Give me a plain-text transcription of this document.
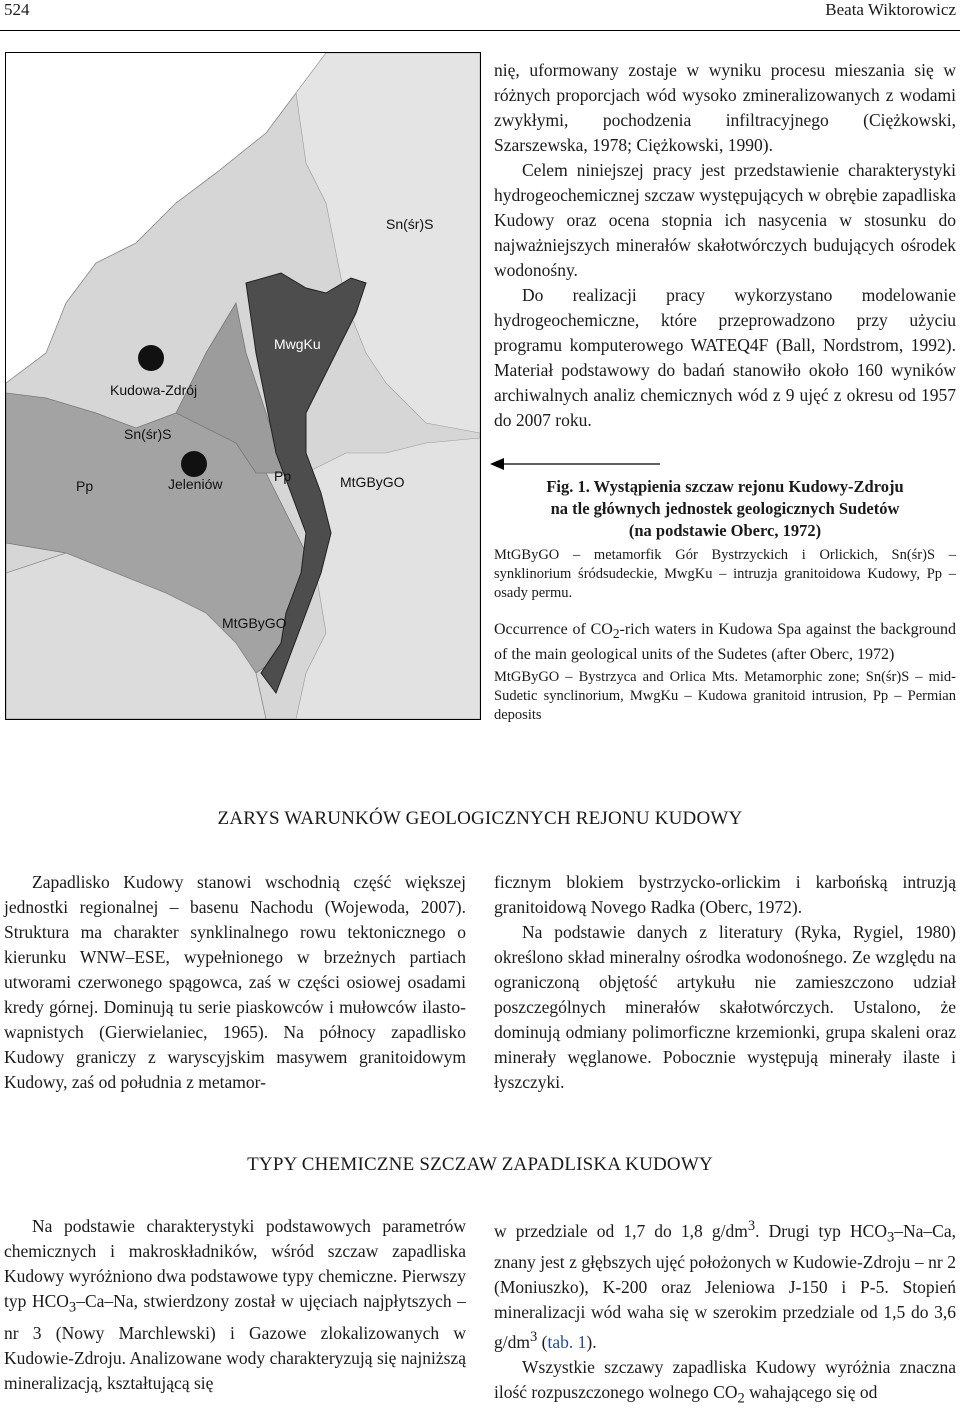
524	Beata Wiktorowicz
Sn(śr)S
MwgKu
Kudowa-Zdrój
Sn(śr)S
Pp	Jeleniów	Pp	MtGByGO
MtGByGO

nię, uformowany zostaje w wyniku procesu mieszania się w różnych proporcjach wód wysoko zmineralizowanych z wodami zwykłymi, pochodzenia infiltracyjnego (Ciężkowski, Szarszewska, 1978; Ciężkowski, 1990).

Celem niniejszej pracy jest przedstawienie charakterystyki hydrogeochemicznej szczaw występujących w obrębie zapadliska Kudowy oraz ocena stopnia ich nasycenia w stosunku do najważniejszych minerałów skałotwórczych budujących ośrodek wodonośny.

Do realizacji pracy wykorzystano modelowanie hydrogeochemiczne, które przeprowadzono przy użyciu programu komputerowego WATEQ4F (Ball, Nordstrom, 1992). Materiał podstawowy do badań stanowiło około 160 wyników archiwalnych analiz chemicznych wód z 9 ujęć z okresu od 1957 do 2007 roku.

Fig. 1. Wystąpienia szczaw rejonu Kudowy-Zdroju
na tle głównych jednostek geologicznych Sudetów
(na podstawie Oberc, 1972)

MtGByGO – metamorfik Gór Bystrzyckich i Orlickich, Sn(śr)S – synklinorium śródsudeckie, MwgKu – intruzja granitoidowa Kudowy, Pp – osady permu.

Occurrence of $CO_2$-rich waters in Kudowa Spa against the background of the main geological units of the Sudetes (after Oberc, 1972)

MtGByGO – Bystrzyca and Orlica Mts. Metamorphic zone; Sn(śr)S – mid-Sudetic synclinorium, MwgKu – Kudowa granitoid intrusion, Pp – Permian deposits

ZARYS WARUNKÓW GEOLOGICZNYCH REJONU KUDOWY

Zapadlisko Kudowy stanowi wschodnią część większej jednostki regionalnej – basenu Nachodu (Wojewoda, 2007). Struktura ma charakter synklinalnego rowu tektonicznego o kierunku WNW–ESE, wypełnionego w brzeżnych partiach utworami czerwonego spągowca, zaś w części osiowej osadami kredy górnej. Dominują tu serie piaskowców i mułowców ilasto-wapnistych (Gierwielaniec, 1965). Na północy zapadlisko Kudowy graniczy z waryscyjskim masywem granitoidowym Kudowy, zaś od południa z metamor-

ficznym blokiem bystrzycko-orlickim i karbońską intruzją granitoidową Novego Radka (Oberc, 1972).

Na podstawie danych z literatury (Ryka, Rygiel, 1980) określono skład mineralny ośrodka wodonośnego. Ze względu na ograniczoną objętość artykułu nie zamieszczono udział poszczególnych minerałów skałotwórczych. Ustalono, że dominują odmiany polimorficzne krzemionki, grupa skaleni oraz minerały węglanowe. Pobocznie występują minerały ilaste i łyszczyki.

TYPY CHEMICZNE SZCZAW ZAPADLISKA KUDOWY

Na podstawie charakterystyki podstawowych parametrów chemicznych i makroskładników, wśród szczaw zapadliska Kudowy wyróżniono dwa podstawowe typy chemiczne. Pierwszy typ $HCO_3-Ca-Na$, stwierdzony został w ujęciach najpłytszych – nr 3 (Nowy Marchlewski) i Gazowe zlokalizowanych w Kudowie-Zdroju. Analizowane wody charakteryzują się najniższą mineralizacją, kształtującą się

w przedziale od 1,7 do 1,8 $g/dm^3$. Drugi typ $HCO_3-Na-Ca$, znany jest z głębszych ujęć położonych w Kudowie-Zdroju – nr 2 (Moniuszko), K-200 oraz Jeleniowa J-150 i P-5. Stopień mineralizacji wód waha się w szerokim przedziale od 1,5 do 3,6 $g/dm^3$ (tab. 1).

Wszystkie szczawy zapadliska Kudowy wyróżnia znaczna ilość rozpuszczonego wolnego $CO_2$ wahającego się od
